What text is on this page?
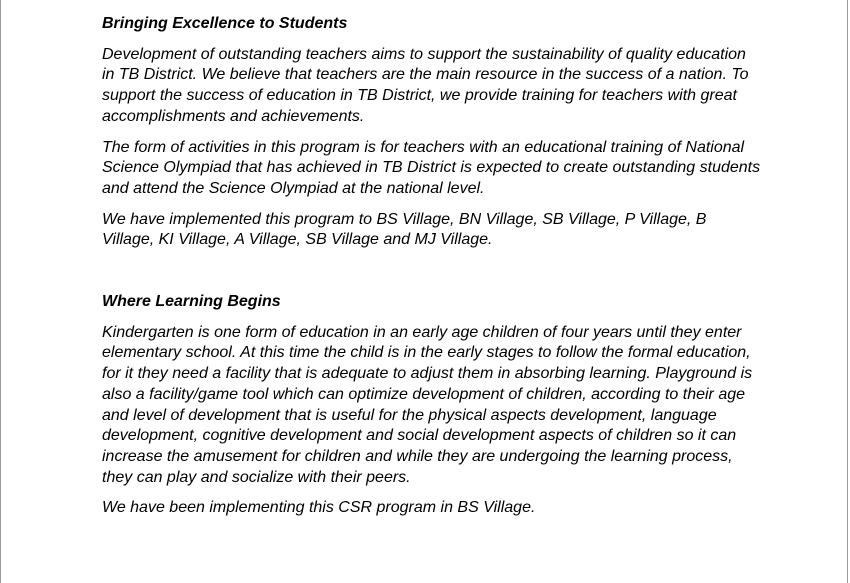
Bringing Excellence to Students
Development of outstanding teachers aims to support the sustainability of quality education in TB District. We believe that teachers are the main resource in the success of a nation. To support the success of education in TB District, we provide training for teachers with great accomplishments and achievements.
The form of activities in this program is for teachers with an educational training of National Science Olympiad that has achieved in TB District is expected to create outstanding students and attend the Science Olympiad at the national level.
We have implemented this program to BS Village, BN Village, SB Village, P Village, B Village, KI Village, A Village, SB Village and MJ Village.
Where Learning Begins
Kindergarten is one form of education in an early age children of four years until they enter elementary school. At this time the child is in the early stages to follow the formal education, for it they need a facility that is adequate to adjust them in absorbing learning. Playground is also a facility/game tool which can optimize development of children, according to their age and level of development that is useful for the physical aspects development, language development, cognitive development and social development aspects of children so it can increase the amusement for children and while they are undergoing the learning process, they can play and socialize with their peers.
We have been implementing this CSR program in BS Village.
